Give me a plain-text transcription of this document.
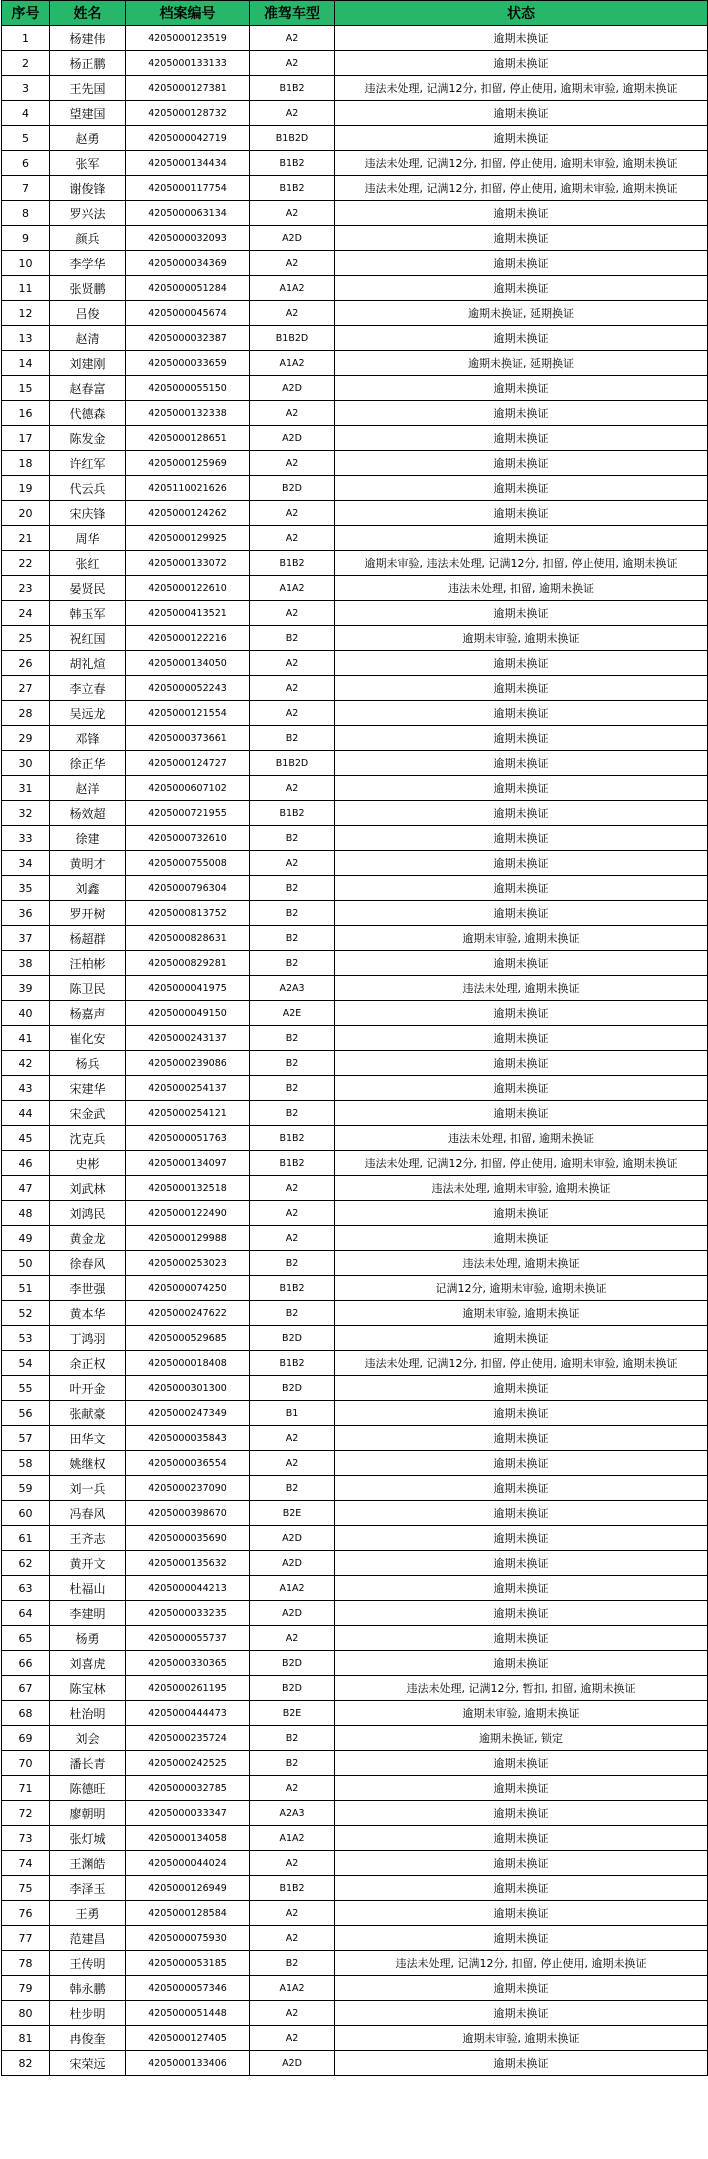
序号	姓名	档案编号	准驾车型	状态
1	杨建伟	4205000123519	A2	逾期未换证
2	杨正鹏	4205000133133	A2	逾期未换证
3	王先国	4205000127381	B1B2	违法未处理, 记满12分, 扣留, 停止使用, 逾期未审验, 逾期未换证
4	望建国	4205000128732	A2	逾期未换证
5	赵勇	4205000042719	B1B2D	逾期未换证
6	张军	4205000134434	B1B2	违法未处理, 记满12分, 扣留, 停止使用, 逾期未审验, 逾期未换证
7	谢俊锋	4205000117754	B1B2	违法未处理, 记满12分, 扣留, 停止使用, 逾期未审验, 逾期未换证
8	罗兴法	4205000063134	A2	逾期未换证
9	颜兵	4205000032093	A2D	逾期未换证
10	李学华	4205000034369	A2	逾期未换证
11	张贤鹏	4205000051284	A1A2	逾期未换证
12	吕俊	4205000045674	A2	逾期未换证, 延期换证
13	赵清	4205000032387	B1B2D	逾期未换证
14	刘建刚	4205000033659	A1A2	逾期未换证, 延期换证
15	赵春富	4205000055150	A2D	逾期未换证
16	代德森	4205000132338	A2	逾期未换证
17	陈发金	4205000128651	A2D	逾期未换证
18	许红军	4205000125969	A2	逾期未换证
19	代云兵	4205110021626	B2D	逾期未换证
20	宋庆锋	4205000124262	A2	逾期未换证
21	周华	4205000129925	A2	逾期未换证
22	张红	4205000133072	B1B2	逾期未审验, 违法未处理, 记满12分, 扣留, 停止使用, 逾期未换证
23	晏贤民	4205000122610	A1A2	违法未处理, 扣留, 逾期未换证
24	韩玉军	4205000413521	A2	逾期未换证
25	祝红国	4205000122216	B2	逾期未审验, 逾期未换证
26	胡礼煊	4205000134050	A2	逾期未换证
27	李立春	4205000052243	A2	逾期未换证
28	吴远龙	4205000121554	A2	逾期未换证
29	邓锋	4205000373661	B2	逾期未换证
30	徐正华	4205000124727	B1B2D	逾期未换证
31	赵洋	4205000607102	A2	逾期未换证
32	杨效超	4205000721955	B1B2	逾期未换证
33	徐建	4205000732610	B2	逾期未换证
34	黄明才	4205000755008	A2	逾期未换证
35	刘鑫	4205000796304	B2	逾期未换证
36	罗开树	4205000813752	B2	逾期未换证
37	杨超群	4205000828631	B2	逾期未审验, 逾期未换证
38	汪柏彬	4205000829281	B2	逾期未换证
39	陈卫民	4205000041975	A2A3	违法未处理, 逾期未换证
40	杨嘉声	4205000049150	A2E	逾期未换证
41	崔化安	4205000243137	B2	逾期未换证
42	杨兵	4205000239086	B2	逾期未换证
43	宋建华	4205000254137	B2	逾期未换证
44	宋金武	4205000254121	B2	逾期未换证
45	沈克兵	4205000051763	B1B2	违法未处理, 扣留, 逾期未换证
46	史彬	4205000134097	B1B2	违法未处理, 记满12分, 扣留, 停止使用, 逾期未审验, 逾期未换证
47	刘武林	4205000132518	A2	违法未处理, 逾期未审验, 逾期未换证
48	刘鸿民	4205000122490	A2	逾期未换证
49	黄金龙	4205000129988	A2	逾期未换证
50	徐春风	4205000253023	B2	违法未处理, 逾期未换证
51	李世强	4205000074250	B1B2	记满12分, 逾期未审验, 逾期未换证
52	黄本华	4205000247622	B2	逾期未审验, 逾期未换证
53	丁鸿羽	4205000529685	B2D	逾期未换证
54	余正权	4205000018408	B1B2	违法未处理, 记满12分, 扣留, 停止使用, 逾期未审验, 逾期未换证
55	叶开金	4205000301300	B2D	逾期未换证
56	张献豪	4205000247349	B1	逾期未换证
57	田华文	4205000035843	A2	逾期未换证
58	姚继权	4205000036554	A2	逾期未换证
59	刘一兵	4205000237090	B2	逾期未换证
60	冯春风	4205000398670	B2E	逾期未换证
61	王齐志	4205000035690	A2D	逾期未换证
62	黄开文	4205000135632	A2D	逾期未换证
63	杜福山	4205000044213	A1A2	逾期未换证
64	李建明	4205000033235	A2D	逾期未换证
65	杨勇	4205000055737	A2	逾期未换证
66	刘喜虎	4205000330365	B2D	逾期未换证
67	陈宝林	4205000261195	B2D	违法未处理, 记满12分, 暂扣, 扣留, 逾期未换证
68	杜治明	4205000444473	B2E	逾期未审验, 逾期未换证
69	刘会	4205000235724	B2	逾期未换证, 锁定
70	潘长青	4205000242525	B2	逾期未换证
71	陈德旺	4205000032785	A2	逾期未换证
72	廖朝明	4205000033347	A2A3	逾期未换证
73	张灯城	4205000134058	A1A2	逾期未换证
74	王渊皓	4205000044024	A2	逾期未换证
75	李泽玉	4205000126949	B1B2	逾期未换证
76	王勇	4205000128584	A2	逾期未换证
77	范建昌	4205000075930	A2	逾期未换证
78	王传明	4205000053185	B2	违法未处理, 记满12分, 扣留, 停止使用, 逾期未换证
79	韩永鹏	4205000057346	A1A2	逾期未换证
80	杜步明	4205000051448	A2	逾期未换证
81	冉俊奎	4205000127405	A2	逾期未审验, 逾期未换证
82	宋荣远	4205000133406	A2D	逾期未换证
